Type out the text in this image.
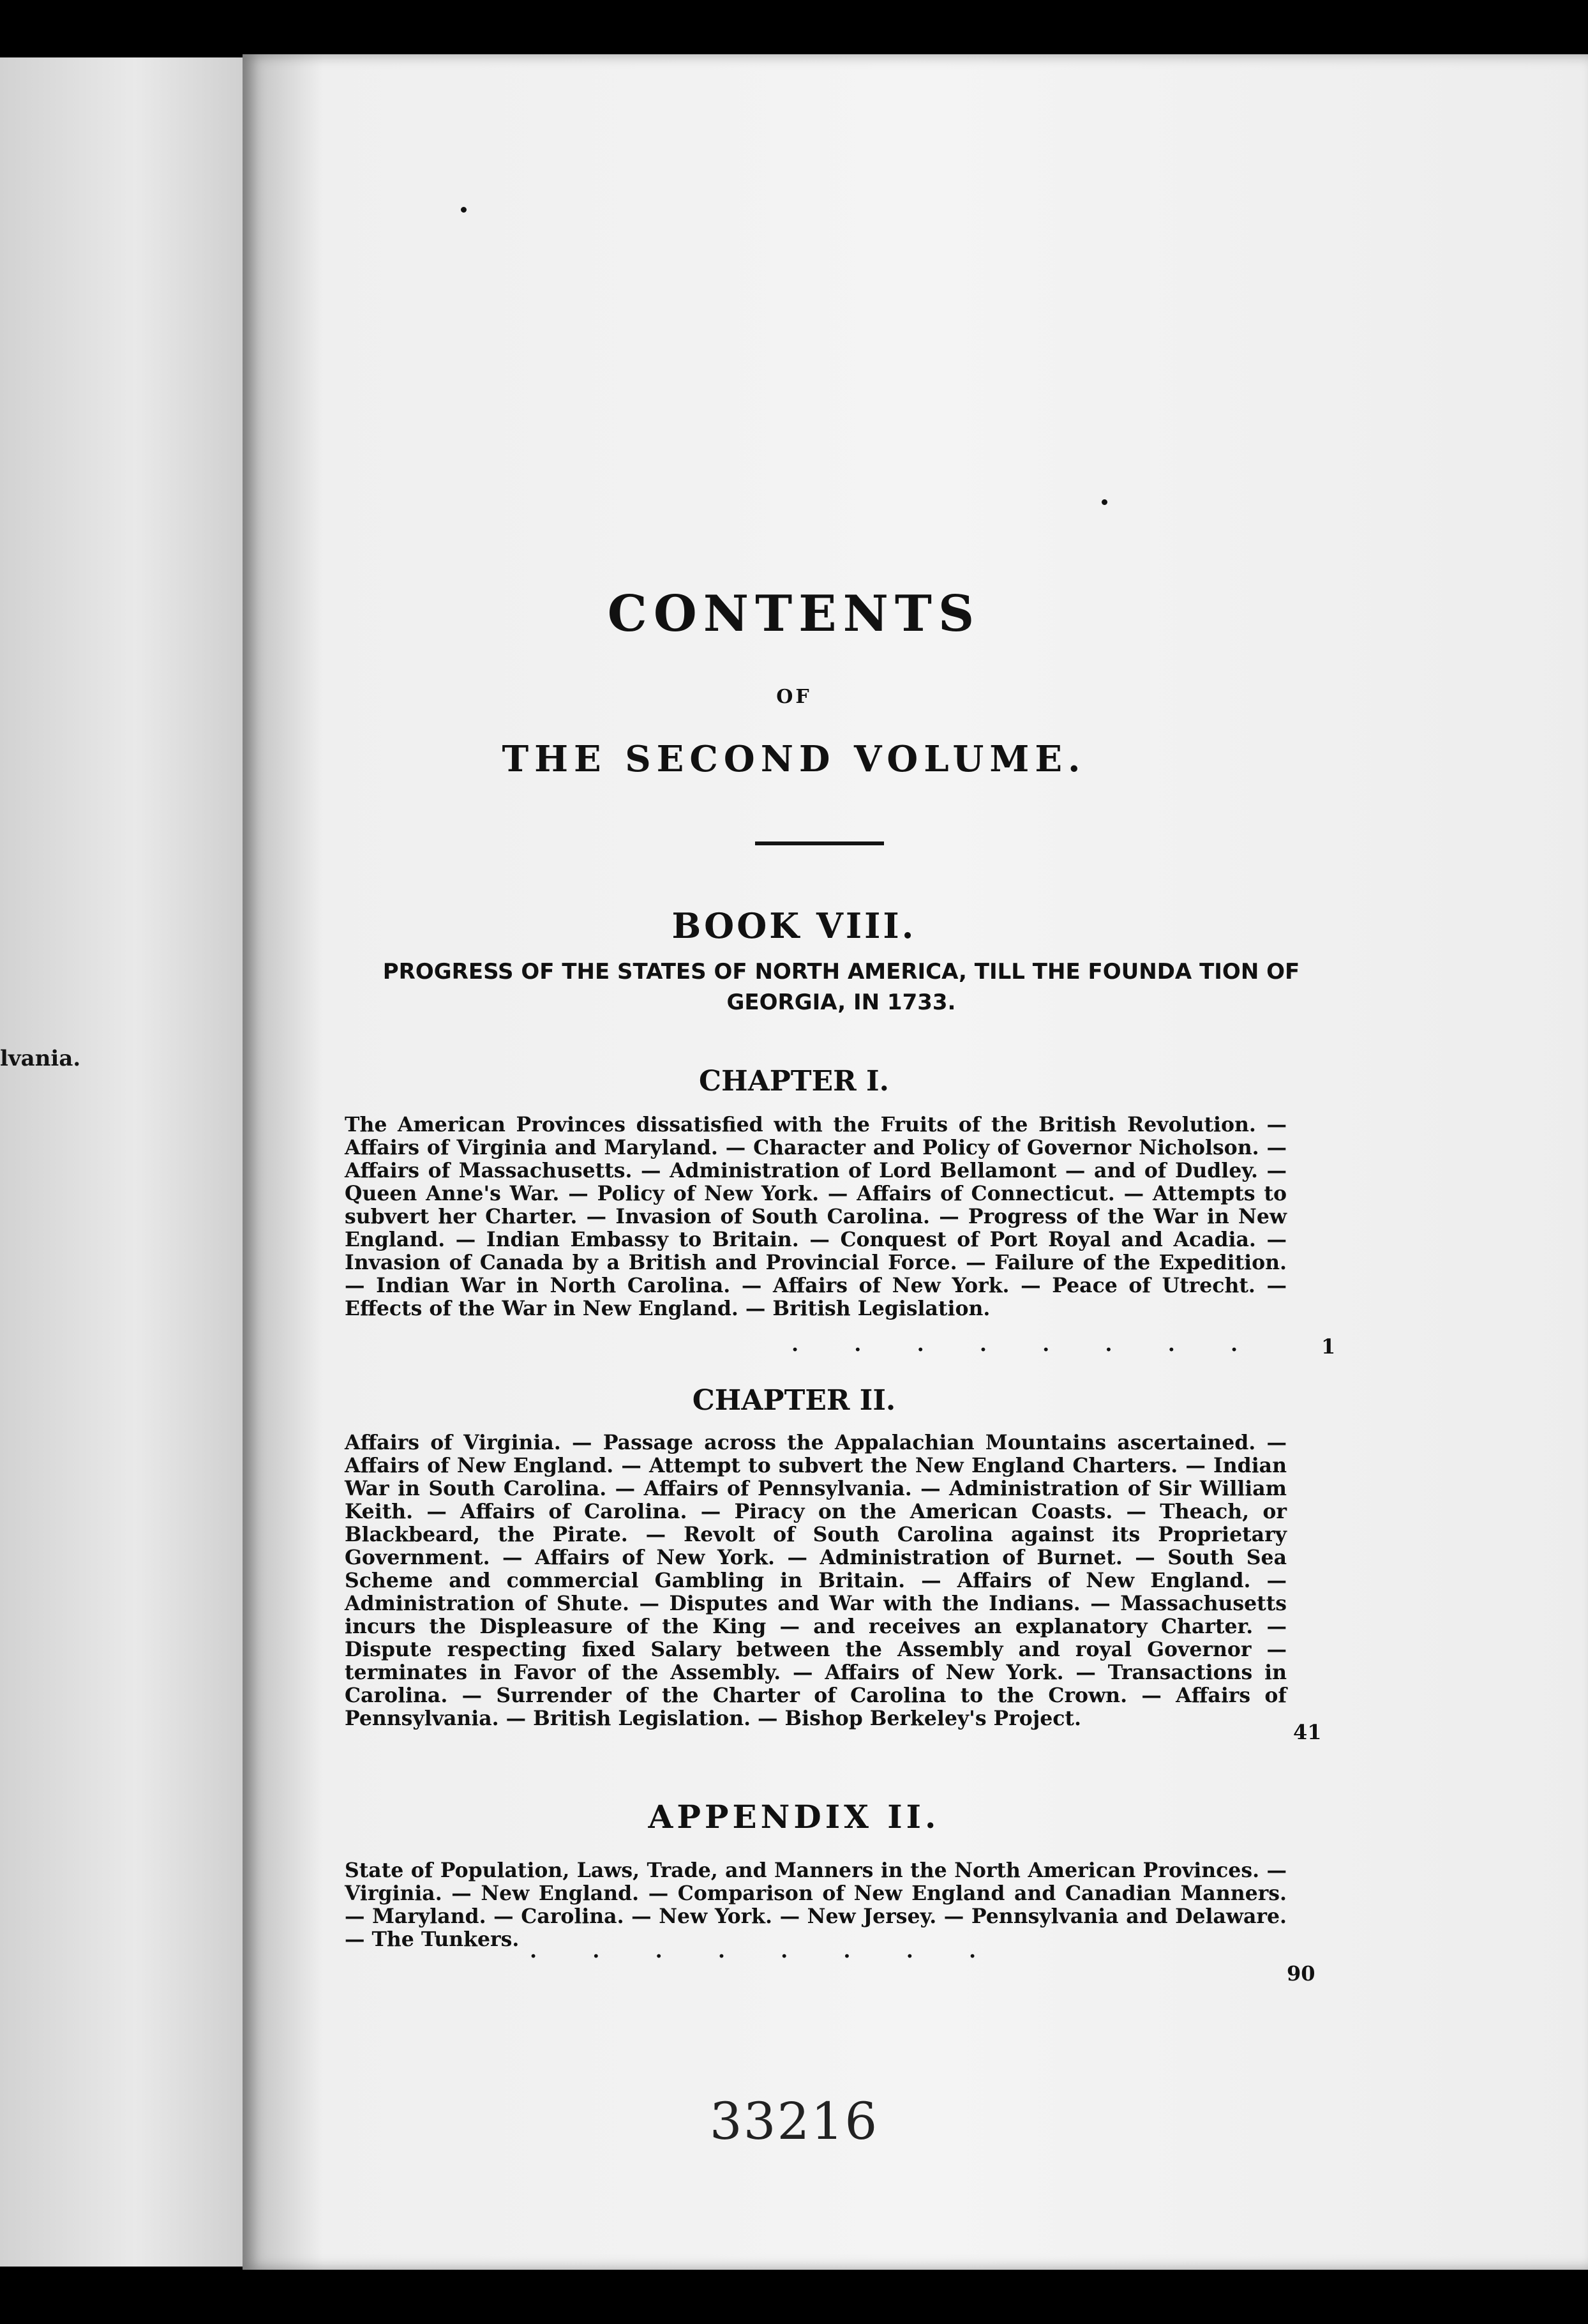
lvania.
CONTENTS
OF
THE SECOND VOLUME.
BOOK VIII.
PROGRESS OF THE STATES OF NORTH AMERICA, TILL THE FOUNDA TION OF GEORGIA, IN 1733.
CHAPTER I.
The American Provinces dissatisfied with the Fruits of the British Revolution. — Affairs of Virginia and Maryland. — Character and Policy of Governor Nicholson. — Affairs of Massachusetts. — Administration of Lord Bellamont — and of Dudley. — Queen Anne's War. — Policy of New York. — Affairs of Connecticut. — Attempts to subvert her Charter. — Invasion of South Carolina. — Progress of the War in New England. — Indian Embassy to Britain. — Conquest of Port Royal and Acadia. — Invasion of Canada by a British and Provincial Force. — Failure of the Expedition. — Indian War in North Carolina. — Affairs of New York. — Peace of Utrecht. — Effects of the War in New England. — British Legislation.
. . . . . . . .	1
CHAPTER II.
Affairs of Virginia. — Passage across the Appalachian Mountains ascertained. — Affairs of New England. — Attempt to subvert the New England Charters. — Indian War in South Carolina. — Affairs of Pennsylvania. — Administration of Sir William Keith. — Affairs of Carolina. — Piracy on the American Coasts. — Theach, or Blackbeard, the Pirate. — Revolt of South Carolina against its Proprietary Government. — Affairs of New York. — Administration of Burnet. — South Sea Scheme and commercial Gambling in Britain. — Affairs of New England. — Administration of Shute. — Disputes and War with the Indians. — Massachusetts incurs the Displeasure of the King — and receives an explanatory Charter. — Dispute respecting fixed Salary between the Assembly and royal Governor — terminates in Favor of the Assembly. — Affairs of New York. — Transactions in Carolina. — Surrender of the Charter of Carolina to the Crown. — Affairs of Pennsylvania. — British Legislation. — Bishop Berkeley's Project.
41
APPENDIX II.
State of Population, Laws, Trade, and Manners in the North American Provinces. — Virginia. — New England. — Comparison of New England and Canadian Manners. — Maryland. — Carolina. — New York. — New Jersey. — Pennsylvania and Delaware. — The Tunkers. . . . . . . . .
90
33216
